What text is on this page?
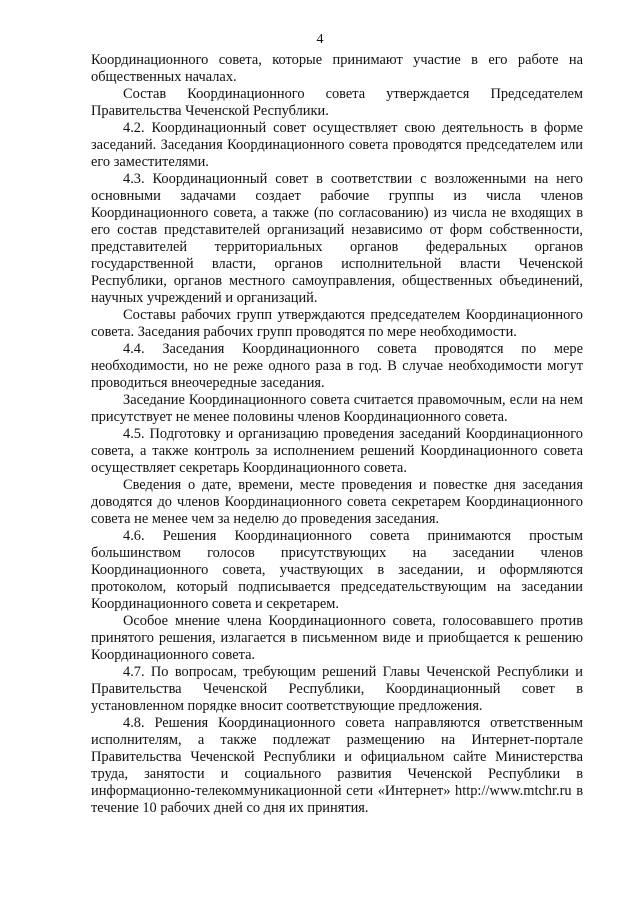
4

Координационного совета, которые принимают участие в его работе на общественных началах.

Состав Координационного совета утверждается Председателем Правительства Чеченской Республики.

4.2. Координационный совет осуществляет свою деятельность в форме заседаний. Заседания Координационного совета проводятся председателем или его заместителями.

4.3. Координационный совет в соответствии с возложенными на него основными задачами создает рабочие группы из числа членов Координационного совета, а также (по согласованию) из числа не входящих в его состав представителей организаций независимо от форм собственности, представителей территориальных органов федеральных органов государственной власти, органов исполнительной власти Чеченской Республики, органов местного самоуправления, общественных объединений, научных учреждений и организаций.

Составы рабочих групп утверждаются председателем Координационного совета. Заседания рабочих групп проводятся по мере необходимости.

4.4. Заседания Координационного совета проводятся по мере необходимости, но не реже одного раза в год. В случае необходимости могут проводиться внеочередные заседания.

Заседание Координационного совета считается правомочным, если на нем присутствует не менее половины членов Координационного совета.

4.5. Подготовку и организацию проведения заседаний Координационного совета, а также контроль за исполнением решений Координационного совета осуществляет секретарь Координационного совета.

Сведения о дате, времени, месте проведения и повестке дня заседания доводятся до членов Координационного совета секретарем Координационного совета не менее чем за неделю до проведения заседания.

4.6. Решения Координационного совета принимаются простым большинством голосов присутствующих на заседании членов Координационного совета, участвующих в заседании, и оформляются протоколом, который подписывается председательствующим на заседании Координационного совета и секретарем.

Особое мнение члена Координационного совета, голосовавшего против принятого решения, излагается в письменном виде и приобщается к решению Координационного совета.

4.7. По вопросам, требующим решений Главы Чеченской Республики и Правительства Чеченской Республики, Координационный совет в установленном порядке вносит соответствующие предложения.

4.8. Решения Координационного совета направляются ответственным исполнителям, а также подлежат размещению на Интернет-портале Правительства Чеченской Республики и официальном сайте Министерства труда, занятости и социального развития Чеченской Республики в информационно-телекоммуникационной сети «Интернет» http://www.mtchr.ru в течение 10 рабочих дней со дня их принятия.
